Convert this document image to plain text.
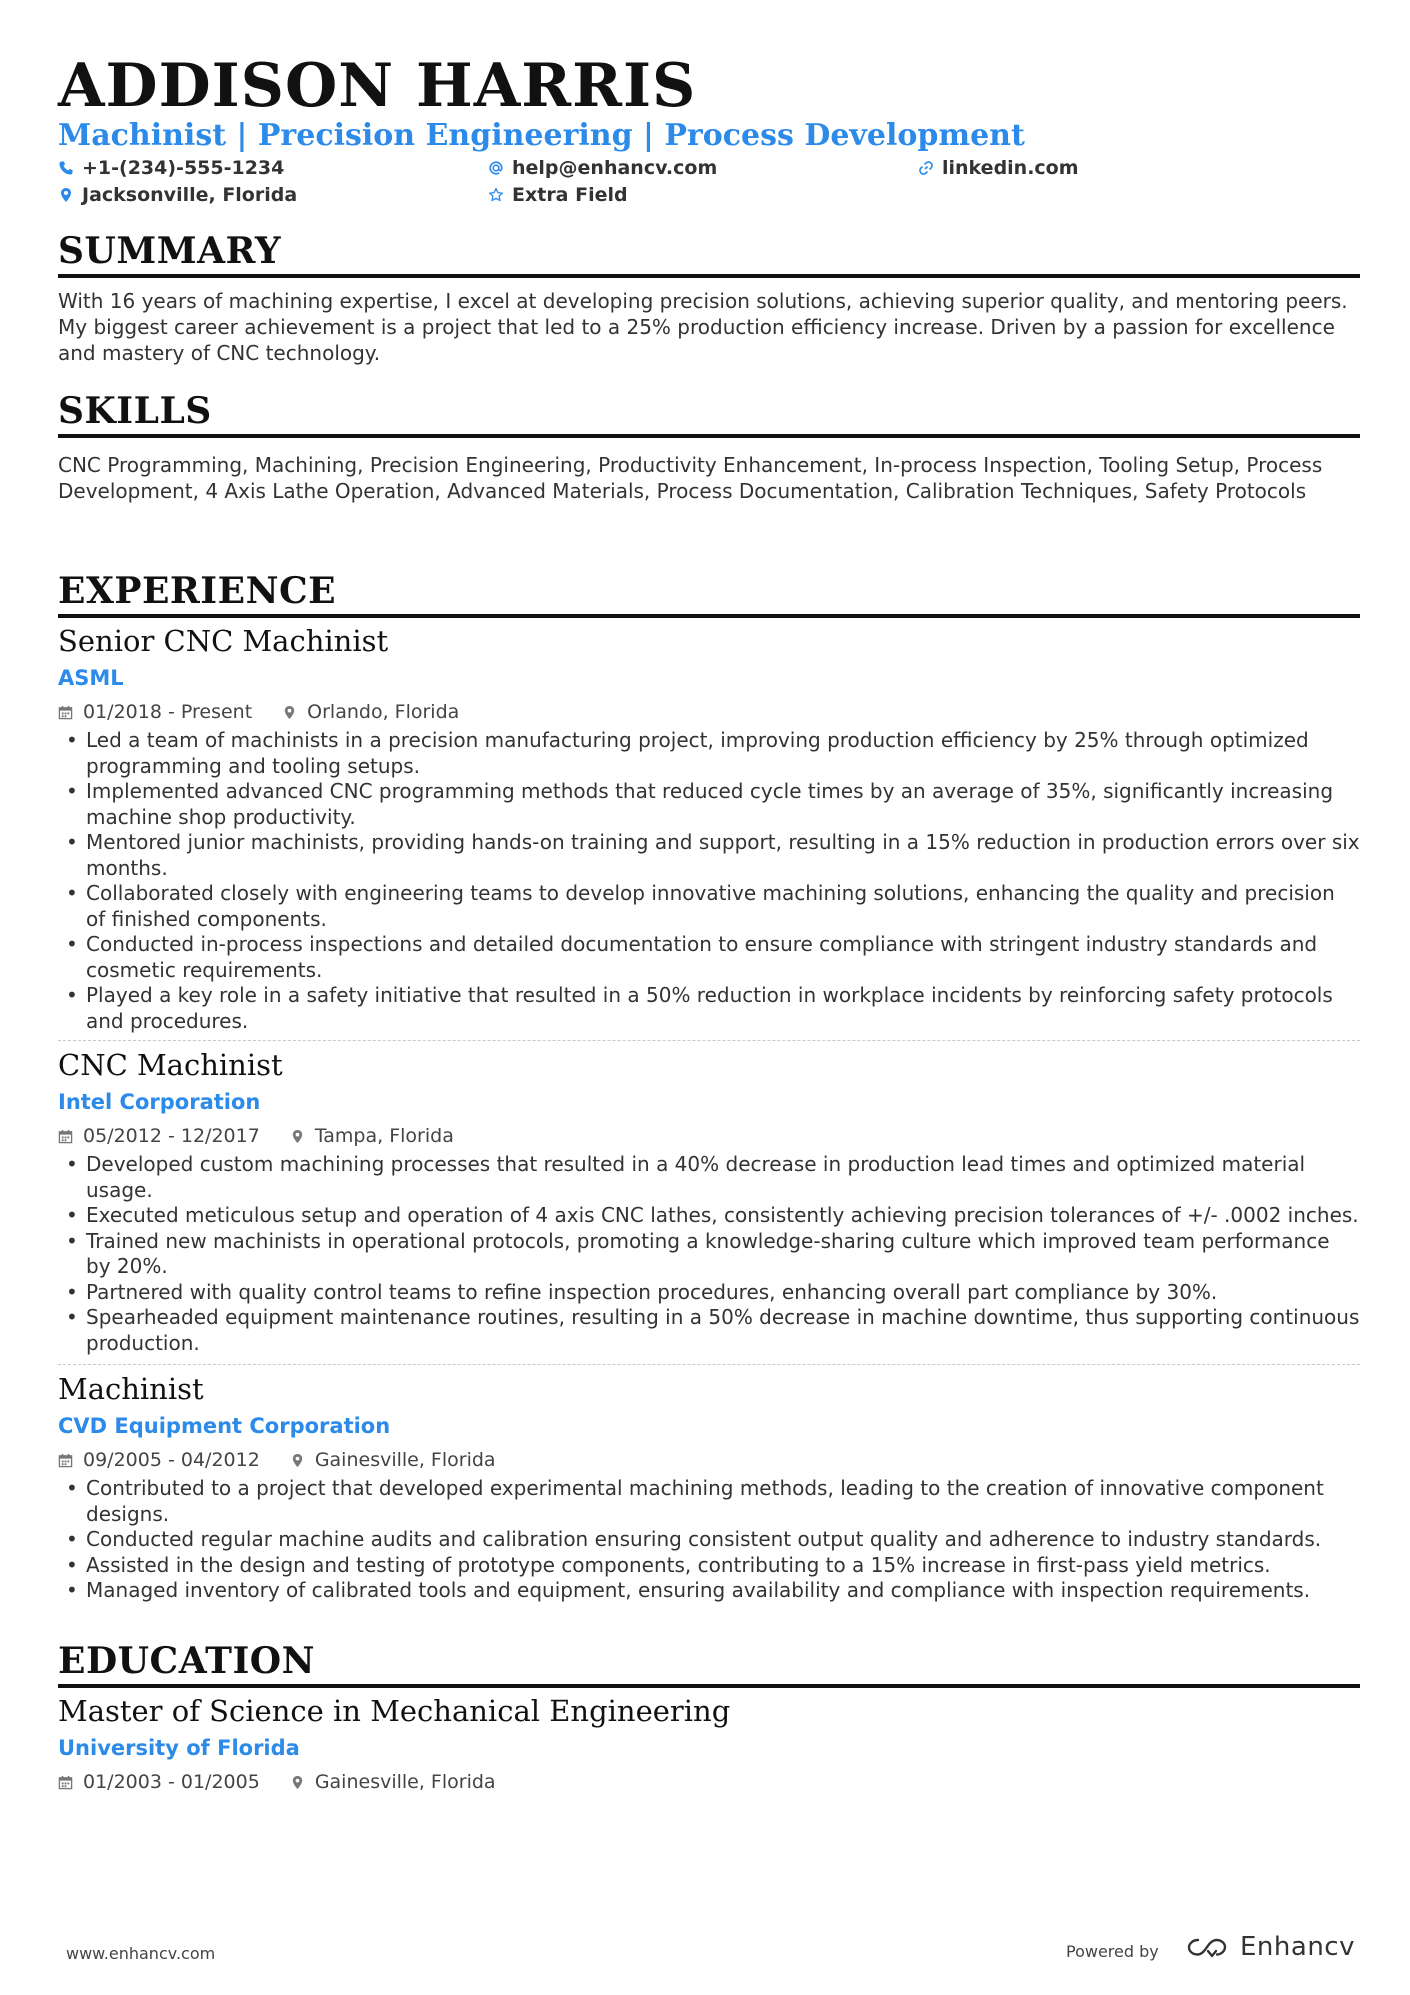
ADDISON HARRIS
Machinist | Precision Engineering | Process Development
+1-(234)-555-1234	help@enhancv.com	linkedin.com
Jacksonville, Florida	Extra Field
SUMMARY
With 16 years of machining expertise, I excel at developing precision solutions, achieving superior quality, and mentoring peers. My biggest career achievement is a project that led to a 25% production efficiency increase. Driven by a passion for excellence and mastery of CNC technology.
SKILLS
CNC Programming, Machining, Precision Engineering, Productivity Enhancement, In-process Inspection, Tooling Setup, Process Development, 4 Axis Lathe Operation, Advanced Materials, Process Documentation, Calibration Techniques, Safety Protocols
EXPERIENCE
Senior CNC Machinist
ASML
01/2018 - Present	Orlando, Florida
• Led a team of machinists in a precision manufacturing project, improving production efficiency by 25% through optimized programming and tooling setups.
• Implemented advanced CNC programming methods that reduced cycle times by an average of 35%, significantly increasing machine shop productivity.
• Mentored junior machinists, providing hands-on training and support, resulting in a 15% reduction in production errors over six months.
• Collaborated closely with engineering teams to develop innovative machining solutions, enhancing the quality and precision of finished components.
• Conducted in-process inspections and detailed documentation to ensure compliance with stringent industry standards and cosmetic requirements.
• Played a key role in a safety initiative that resulted in a 50% reduction in workplace incidents by reinforcing safety protocols and procedures.
CNC Machinist
Intel Corporation
05/2012 - 12/2017	Tampa, Florida
• Developed custom machining processes that resulted in a 40% decrease in production lead times and optimized material usage.
• Executed meticulous setup and operation of 4 axis CNC lathes, consistently achieving precision tolerances of +/- .0002 inches.
• Trained new machinists in operational protocols, promoting a knowledge-sharing culture which improved team performance by 20%.
• Partnered with quality control teams to refine inspection procedures, enhancing overall part compliance by 30%.
• Spearheaded equipment maintenance routines, resulting in a 50% decrease in machine downtime, thus supporting continuous production.
Machinist
CVD Equipment Corporation
09/2005 - 04/2012	Gainesville, Florida
• Contributed to a project that developed experimental machining methods, leading to the creation of innovative component designs.
• Conducted regular machine audits and calibration ensuring consistent output quality and adherence to industry standards.
• Assisted in the design and testing of prototype components, contributing to a 15% increase in first-pass yield metrics.
• Managed inventory of calibrated tools and equipment, ensuring availability and compliance with inspection requirements.
EDUCATION
Master of Science in Mechanical Engineering
University of Florida
01/2003 - 01/2005	Gainesville, Florida
www.enhancv.com	Powered by	Enhancv
